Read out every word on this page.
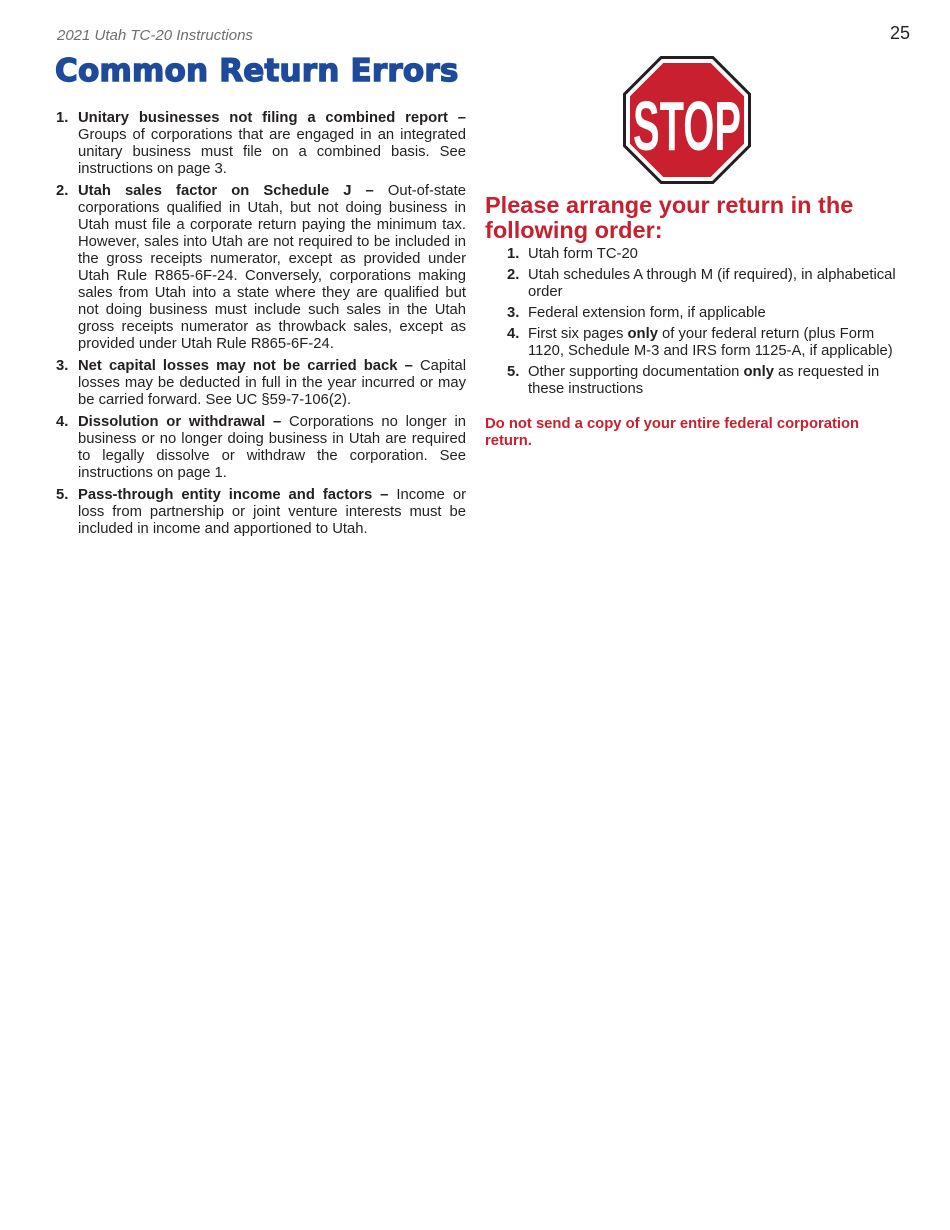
2021 Utah TC-20 Instructions	25
Common Return Errors
1. Unitary businesses not filing a combined report – Groups of corporations that are engaged in an integrated unitary business must file on a combined basis. See instructions on page 3.
2. Utah sales factor on Schedule J – Out-of-state corporations qualified in Utah, but not doing business in Utah must file a corporate return paying the minimum tax. However, sales into Utah are not required to be included in the gross receipts numerator, except as provided under Utah Rule R865-6F-24. Conversely, corporations making sales from Utah into a state where they are qualified but not doing business must include such sales in the Utah gross receipts numerator as throwback sales, except as provided under Utah Rule R865-6F-24.
3. Net capital losses may not be carried back – Capital losses may be deducted in full in the year incurred or may be carried forward. See UC §59-7-106(2).
4. Dissolution or withdrawal – Corporations no longer in business or no longer doing business in Utah are required to legally dissolve or withdraw the corporation. See instructions on page 1.
5. Pass-through entity income and factors – Income or loss from partnership or joint venture interests must be included in income and apportioned to Utah.
STOP
Please arrange your return in the following order:
1. Utah form TC-20
2. Utah schedules A through M (if required), in alphabetical order
3. Federal extension form, if applicable
4. First six pages only of your federal return (plus Form 1120, Schedule M-3 and IRS form 1125-A, if applicable)
5. Other supporting documentation only as requested in these instructions
Do not send a copy of your entire federal corporation return.
